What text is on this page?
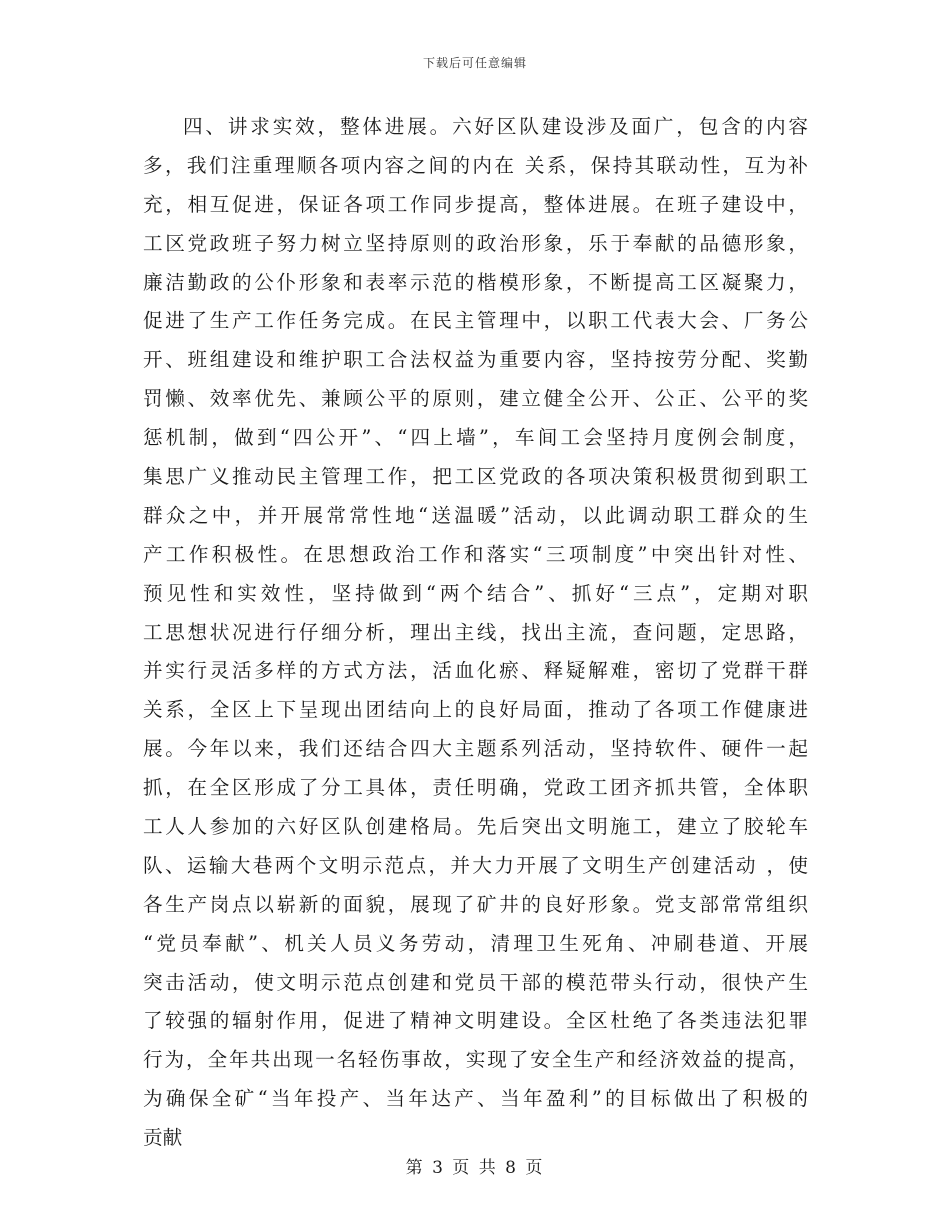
下载后可任意编辑
四、讲求实效，整体进展。六好区队建设涉及面广，包含的内容
多，我们注重理顺各项内容之间的内在 关系，保持其联动性，互为补
充，相互促进，保证各项工作同步提高，整体进展。在班子建设中，
工区党政班子努力树立坚持原则的政治形象，乐于奉献的品德形象，
廉洁勤政的公仆形象和表率示范的楷模形象，不断提高工区凝聚力，
促进了生产工作任务完成。在民主管理中，以职工代表大会、厂务公
开、班组建设和维护职工合法权益为重要内容，坚持按劳分配、奖勤
罚懒、效率优先、兼顾公平的原则，建立健全公开、公正、公平的奖
惩机制，做到“四公开”、“四上墙”，车间工会坚持月度例会制度，
集思广义推动民主管理工作，把工区党政的各项决策积极贯彻到职工
群众之中，并开展常常性地“送温暖”活动，以此调动职工群众的生
产工作积极性。在思想政治工作和落实“三项制度”中突出针对性、
预见性和实效性，坚持做到“两个结合”、抓好“三点”，定期对职
工思想状况进行仔细分析，理出主线，找出主流，查问题，定思路，
并实行灵活多样的方式方法，活血化瘀、释疑解难，密切了党群干群
关系，全区上下呈现出团结向上的良好局面，推动了各项工作健康进
展。今年以来，我们还结合四大主题系列活动，坚持软件、硬件一起
抓，在全区形成了分工具体，责任明确，党政工团齐抓共管，全体职
工人人参加的六好区队创建格局。先后突出文明施工，建立了胶轮车
队、运输大巷两个文明示范点，并大力开展了文明生产创建活动 ，使
各生产岗点以崭新的面貌，展现了矿井的良好形象。党支部常常组织
“党员奉献”、机关人员义务劳动，清理卫生死角、冲刷巷道、开展
突击活动，使文明示范点创建和党员干部的模范带头行动，很快产生
了较强的辐射作用，促进了精神文明建设。全区杜绝了各类违法犯罪
行为，全年共出现一名轻伤事故，实现了安全生产和经济效益的提高，
为确保全矿“当年投产、当年达产、当年盈利”的目标做出了积极的
贡献
第 3 页 共 8 页
